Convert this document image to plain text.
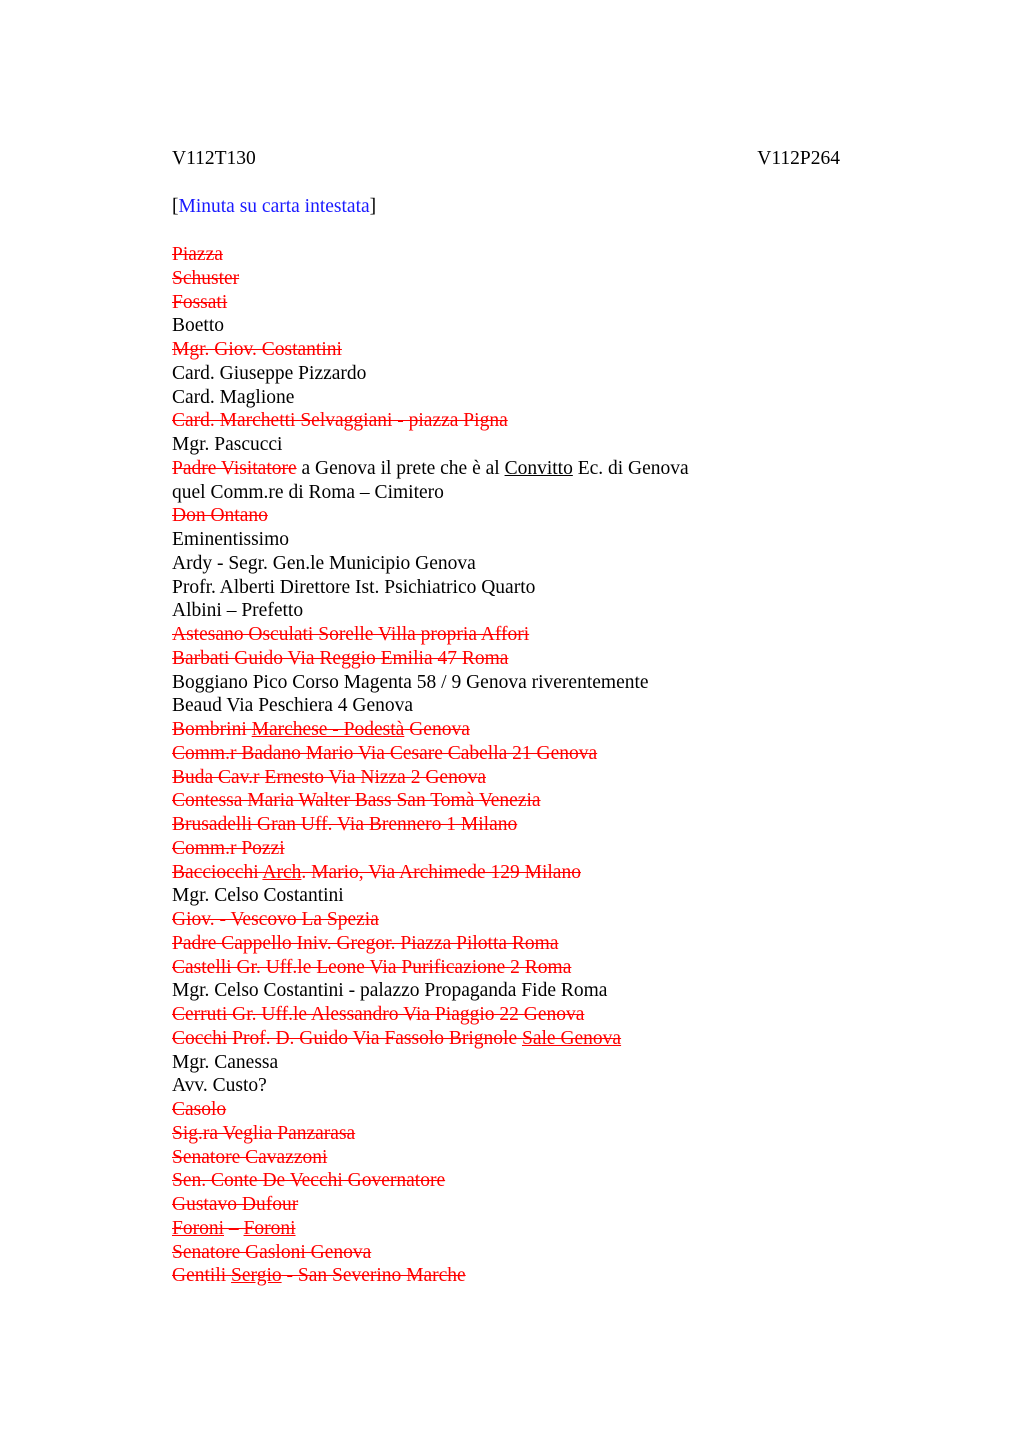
V112T130	V112P264
[Minuta su carta intestata]
Piazza
Schuster
Fossati
Boetto
Mgr. Giov. Costantini
Card. Giuseppe Pizzardo
Card. Maglione
Card. Marchetti Selvaggiani - piazza Pigna
Mgr. Pascucci
Padre Visitatore a Genova il prete che è al Convitto Ec. di Genova
quel Comm.re di Roma – Cimitero
Don Ontano
Eminentissimo
Ardy - Segr. Gen.le Municipio Genova
Profr. Alberti Direttore Ist. Psichiatrico Quarto
Albini – Prefetto
Astesano Osculati Sorelle Villa propria Affori
Barbati Guido Via Reggio Emilia 47 Roma
Boggiano Pico Corso Magenta 58 / 9 Genova riverentemente
Beaud Via Peschiera 4 Genova
Bombrini Marchese - Podestà Genova
Comm.r Badano Mario Via Cesare Cabella 21 Genova
Buda Cav.r Ernesto Via Nizza 2 Genova
Contessa Maria Walter Bass San Tomà Venezia
Brusadelli Gran Uff. Via Brennero 1 Milano
Comm.r Pozzi
Bacciocchi Arch. Mario, Via Archimede 129 Milano
Mgr. Celso Costantini
Giov. - Vescovo La Spezia
Padre Cappello Iniv. Gregor. Piazza Pilotta Roma
Castelli Gr. Uff.le Leone Via Purificazione 2 Roma
Mgr. Celso Costantini - palazzo Propaganda Fide Roma
Cerruti Gr. Uff.le Alessandro Via Piaggio 22 Genova
Cocchi Prof. D. Guido Via Fassolo Brignole Sale Genova
Mgr. Canessa
Avv. Custo?
Casolo
Sig.ra Veglia Panzarasa
Senatore Cavazzoni
Sen. Conte De Vecchi Governatore
Gustavo Dufour
Foroni – Foroni
Senatore Gasloni Genova
Gentili Sergio - San Severino Marche
